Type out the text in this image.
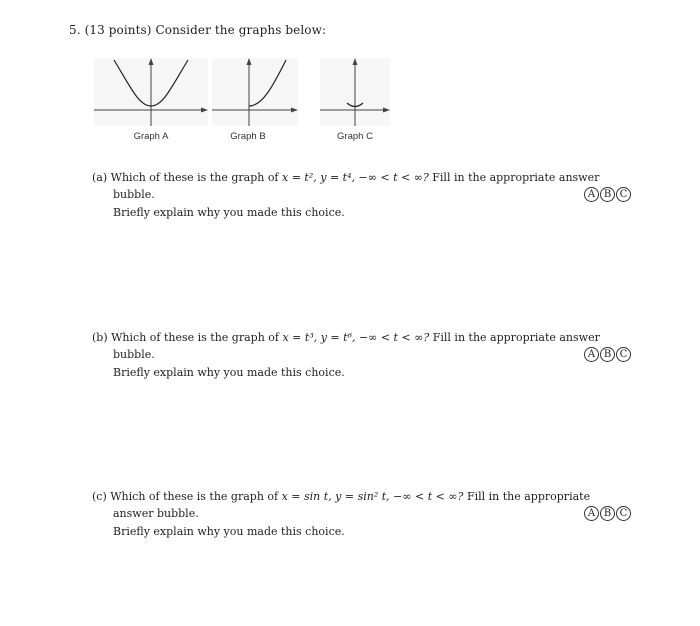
5. (13 points) Consider the graphs below:
Graph A	Graph B	Graph C
(a) Which of these is the graph of x = t², y = t⁴, −∞ < t < ∞? Fill in the appropriate answer
bubble.	A B C
Briefly explain why you made this choice.
(b) Which of these is the graph of x = t³, y = t⁶, −∞ < t < ∞? Fill in the appropriate answer
bubble.	A B C
Briefly explain why you made this choice.
(c) Which of these is the graph of x = sin t, y = sin² t, −∞ < t < ∞? Fill in the appropriate
answer bubble.	A B C
Briefly explain why you made this choice.
